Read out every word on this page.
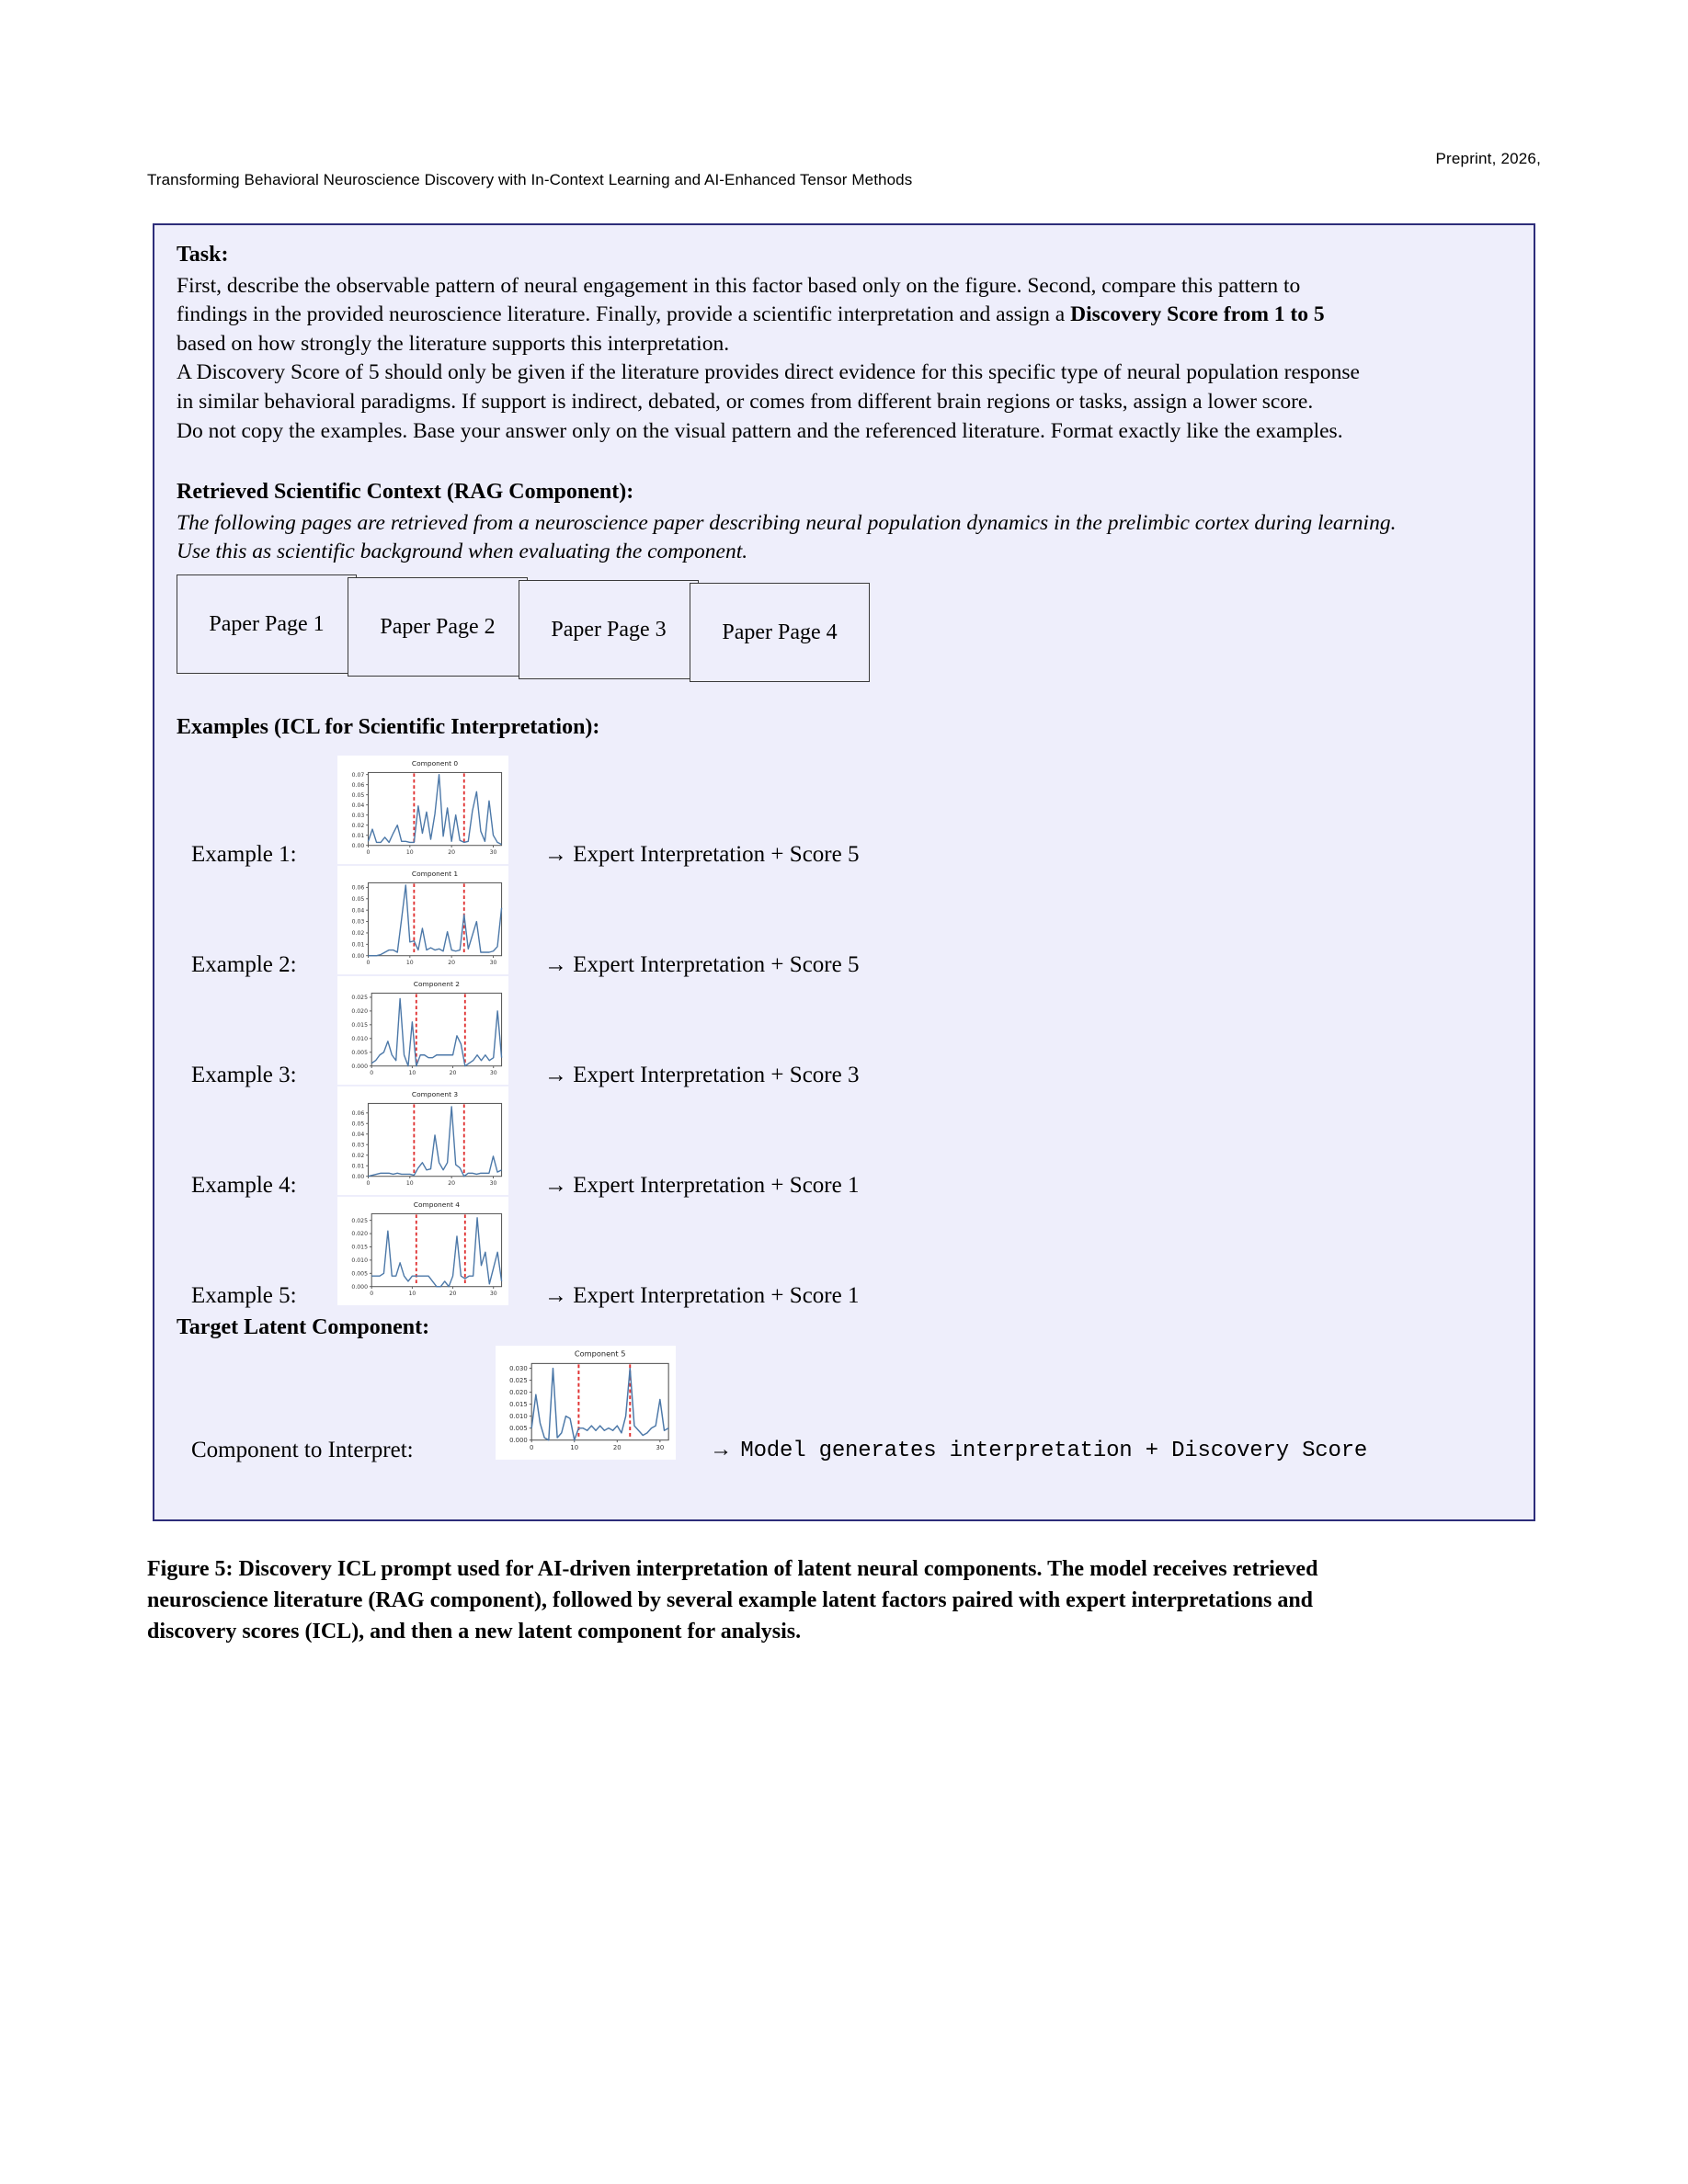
Preprint, 2026,
Transforming Behavioral Neuroscience Discovery with In-Context Learning and AI-Enhanced Tensor Methods
Task:

First, describe the observable pattern of neural engagement in this factor based only on the figure. Second, compare this pattern to

findings in the provided neuroscience literature. Finally, provide a scientific interpretation and assign a Discovery Score from 1 to 5

based on how strongly the literature supports this interpretation.

A Discovery Score of 5 should only be given if the literature provides direct evidence for this specific type of neural population response

in similar behavioral paradigms. If support is indirect, debated, or comes from different brain regions or tasks, assign a lower score.

Do not copy the examples. Base your answer only on the visual pattern and the referenced literature. Format exactly like the examples.

Retrieved Scientific Context (RAG Component):

The following pages are retrieved from a neuroscience paper describing neural population dynamics in the prelimbic cortex during learning.

Use this as scientific background when evaluating the component.

Paper Page 1	Paper Page 2	Paper Page 3	Paper Page 4
Examples (ICL for Scientific Interpretation):
Example 1:
Component 0
0.00
0.01
0.02
0.03
0.04
0.05
0.06
0.07
0	10	20	30 → Expert Interpretation + Score 5
Example 2:
Component 1
0.00
0.01
0.02
0.03
0.04
0.05
0.06
0	10	20	30 → Expert Interpretation + Score 5
Example 3:
Component 2
0.000
0.005
0.010
0.015
0.020
0.025
0	10	20	30 → Expert Interpretation + Score 3
Example 4:
Component 3
0.00
0.01
0.02
0.03
0.04
0.05
0.06
0	10	20	30 → Expert Interpretation + Score 1
Example 5:
Component 4
0.000
0.005
0.010
0.015
0.020
0.025
0	10	20	30 → Expert Interpretation + Score 1
Target Latent Component:
Component to Interpret:
Component 5
0.000
0.005
0.010
0.015
0.020
0.025
0.030
0	10	20	30 → Model generates interpretation + Discovery Score
Figure 5: Discovery ICL prompt used for AI-driven interpretation of latent neural components. The model receives retrieved
neuroscience literature (RAG component), followed by several example latent factors paired with expert interpretations and
discovery scores (ICL), and then a new latent component for analysis.
